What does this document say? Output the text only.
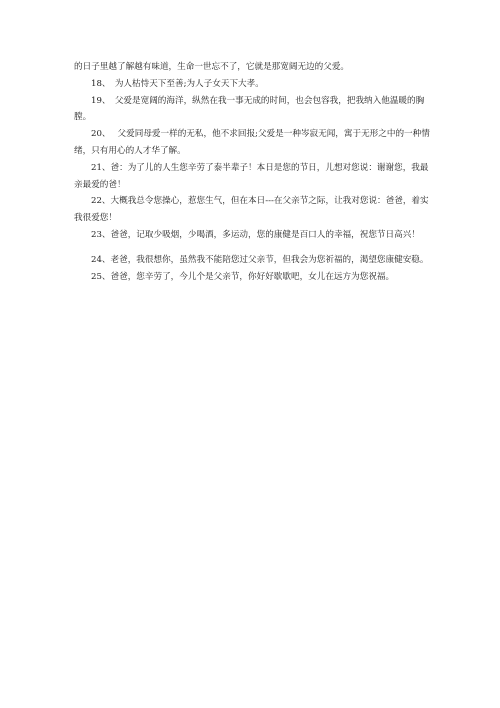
的日子里越了解越有味道，生命一世忘不了，它就是那宽阔无边的父爱。

18、　为人枯恃天下至善;为人子女天下大孝。

19、　父爱是宽阔的海洋，纵然在我一事无成的时间，也会包容我，把我纳入他温暖的胸膛。

20、　 父爱同母爱一样的无私，他不求回报;父爱是一种岑寂无闻，寓于无形之中的一种情绪，只有用心的人才华了解。

21、爸：为了儿的人生您辛劳了泰半辈子！本日是您的节日，儿想对您说：谢谢您，我最亲最爱的爸！

22、大概我总令您操心，惹您生气，但在本日---在父亲节之际，让我对您说：爸爸，着实我很爱您！

23、爸爸，记取少吸烟，少喝酒，多运动，您的康健是百口人的幸福，祝您节日高兴！

24、老爸，我很想你，虽然我不能陪您过父亲节，但我会为您祈福的，渴望您康健安稳。

25、爸爸，您辛劳了，今儿个是父亲节，你好好歇歇吧，女儿在远方为您祝福。
